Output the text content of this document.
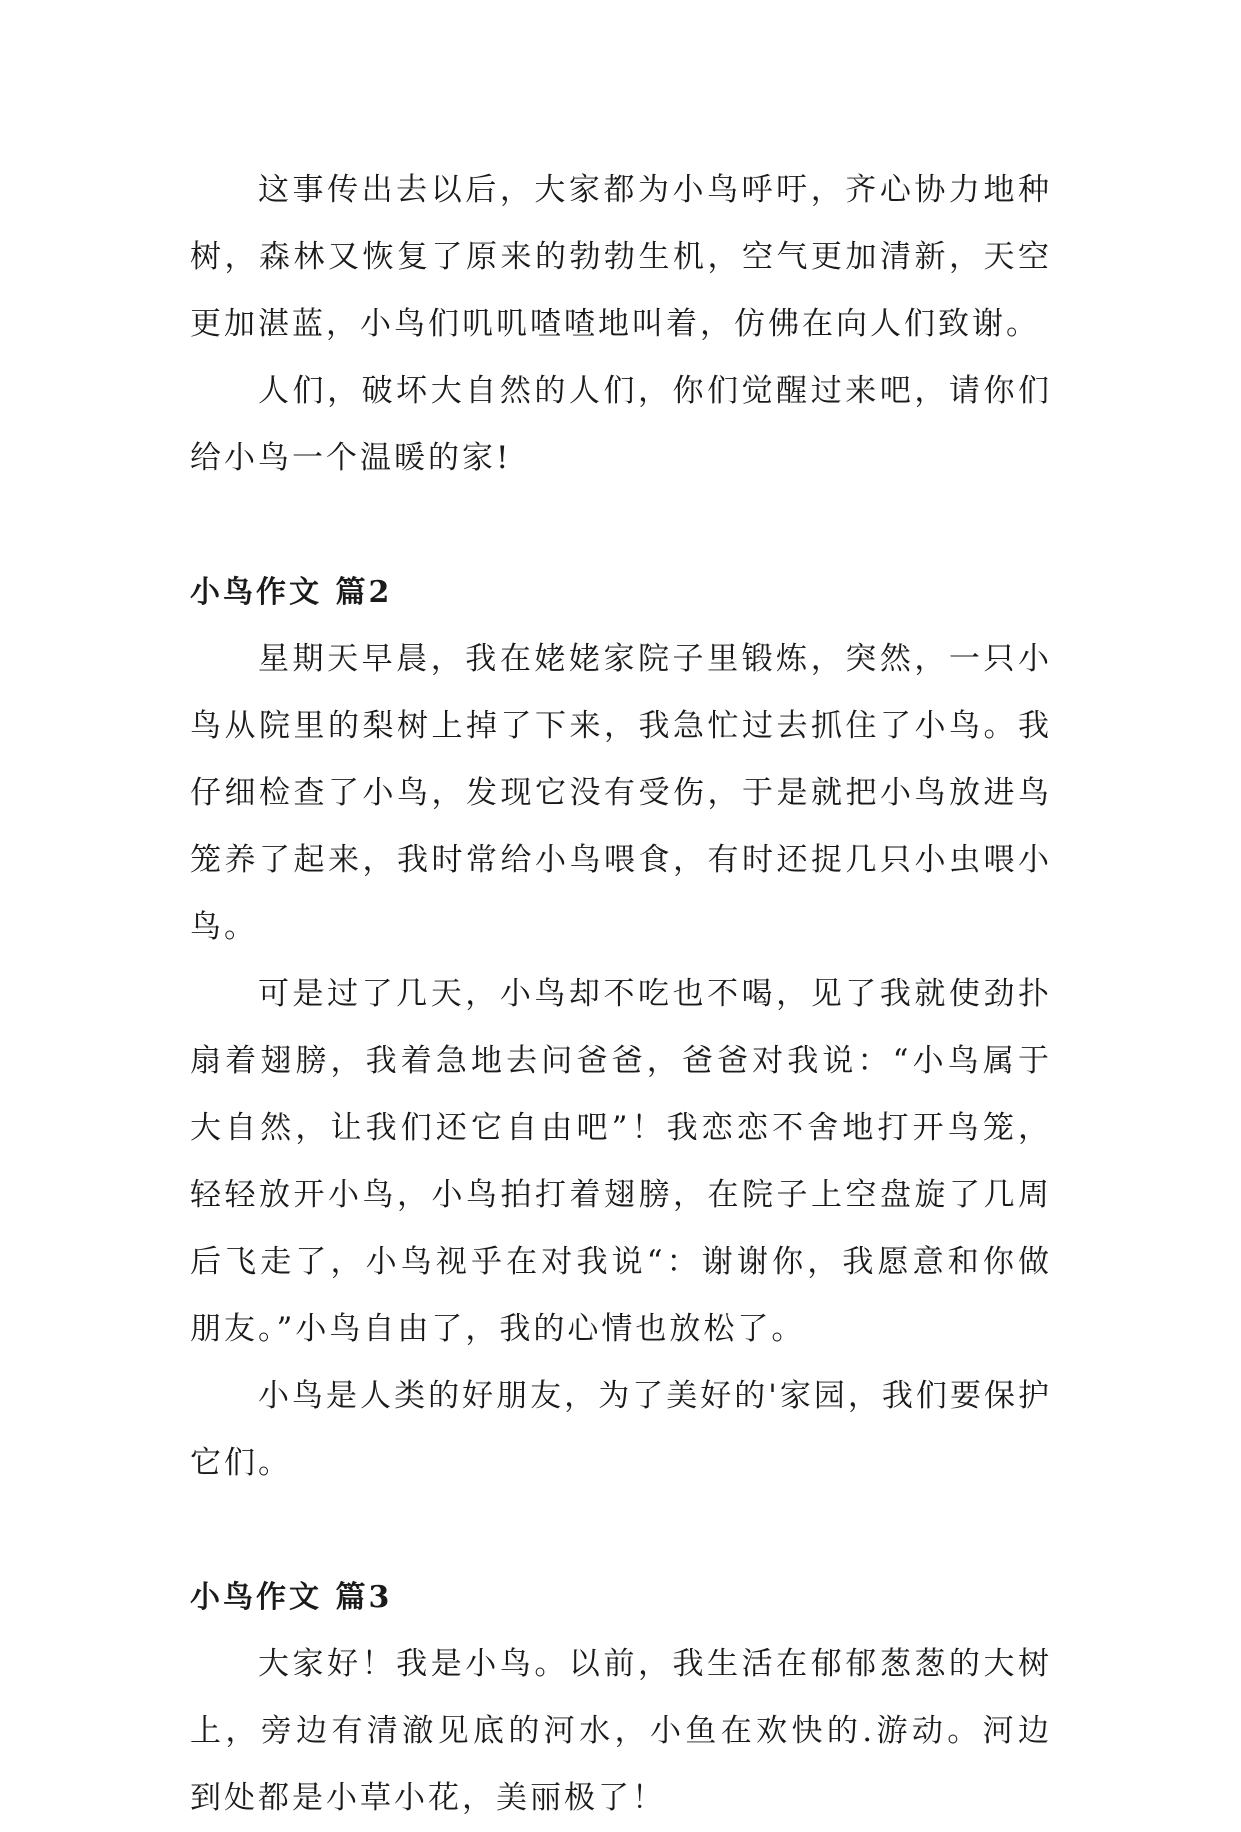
这事传出去以后，大家都为小鸟呼吁，齐心协力地种树，森林又恢复了原来的勃勃生机，空气更加清新，天空更加湛蓝，小鸟们叽叽喳喳地叫着，仿佛在向人们致谢。

人们，破坏大自然的人们，你们觉醒过来吧，请你们给小鸟一个温暖的家!

小鸟作文 篇2

星期天早晨，我在姥姥家院子里锻炼，突然，一只小鸟从院里的梨树上掉了下来，我急忙过去抓住了小鸟。我仔细检查了小鸟，发现它没有受伤，于是就把小鸟放进鸟笼养了起来，我时常给小鸟喂食，有时还捉几只小虫喂小鸟。

可是过了几天，小鸟却不吃也不喝，见了我就使劲扑扇着翅膀，我着急地去问爸爸，爸爸对我说：“小鸟属于大自然，让我们还它自由吧”！我恋恋不舍地打开鸟笼，轻轻放开小鸟，小鸟拍打着翅膀，在院子上空盘旋了几周后飞走了，小鸟视乎在对我说“：谢谢你，我愿意和你做朋友。”小鸟自由了，我的心情也放松了。

小鸟是人类的好朋友，为了美好的'家园，我们要保护它们。

小鸟作文 篇3

大家好！我是小鸟。以前，我生活在郁郁葱葱的大树上，旁边有清澈见底的河水，小鱼在欢快的.游动。河边到处都是小草小花，美丽极了！
